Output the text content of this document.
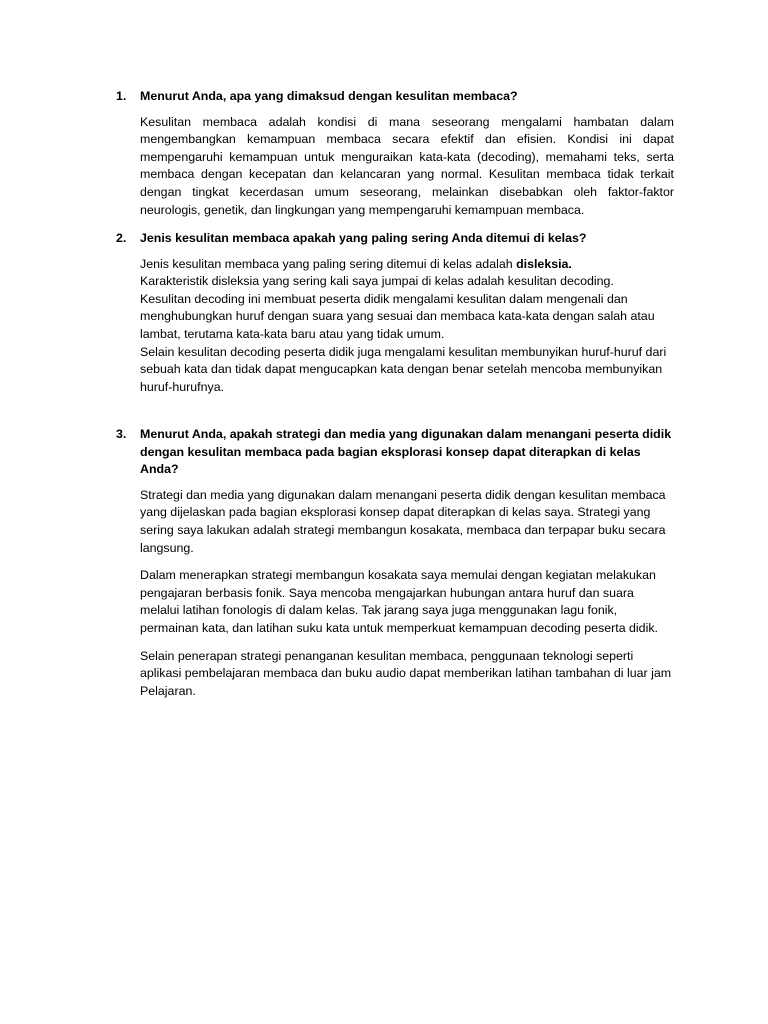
1. Menurut Anda, apa yang dimaksud dengan kesulitan membaca?

Kesulitan membaca adalah kondisi di mana seseorang mengalami hambatan dalam mengembangkan kemampuan membaca secara efektif dan efisien. Kondisi ini dapat mempengaruhi kemampuan untuk menguraikan kata-kata (decoding), memahami teks, serta membaca dengan kecepatan dan kelancaran yang normal. Kesulitan membaca tidak terkait dengan tingkat kecerdasan umum seseorang, melainkan disebabkan oleh faktor-faktor neurologis, genetik, dan lingkungan yang mempengaruhi kemampuan membaca.

2. Jenis kesulitan membaca apakah yang paling sering Anda ditemui di kelas?

Jenis kesulitan membaca yang paling sering ditemui di kelas adalah disleksia.

Karakteristik disleksia yang sering kali saya jumpai di kelas adalah kesulitan decoding.

Kesulitan decoding ini membuat peserta didik mengalami kesulitan dalam mengenali dan menghubungkan huruf dengan suara yang sesuai dan membaca kata-kata dengan salah atau lambat, terutama kata-kata baru atau yang tidak umum.

Selain kesulitan decoding peserta didik juga mengalami kesulitan membunyikan huruf-huruf dari sebuah kata dan tidak dapat mengucapkan kata dengan benar setelah mencoba membunyikan huruf-hurufnya.

3. Menurut Anda, apakah strategi dan media yang digunakan dalam menangani peserta didik dengan kesulitan membaca pada bagian eksplorasi konsep dapat diterapkan di kelas Anda?

Strategi dan media yang digunakan dalam menangani peserta didik dengan kesulitan membaca yang dijelaskan pada bagian eksplorasi konsep dapat diterapkan di kelas saya. Strategi yang sering saya lakukan adalah strategi membangun kosakata, membaca dan terpapar buku secara langsung.

Dalam menerapkan strategi membangun kosakata saya memulai dengan kegiatan melakukan pengajaran berbasis fonik. Saya mencoba mengajarkan hubungan antara huruf dan suara melalui latihan fonologis di dalam kelas. Tak jarang saya juga menggunakan lagu fonik, permainan kata, dan latihan suku kata untuk memperkuat kemampuan decoding peserta didik.

Selain penerapan strategi penanganan kesulitan membaca, penggunaan teknologi seperti aplikasi pembelajaran membaca dan buku audio dapat memberikan latihan tambahan di luar jam Pelajaran.
